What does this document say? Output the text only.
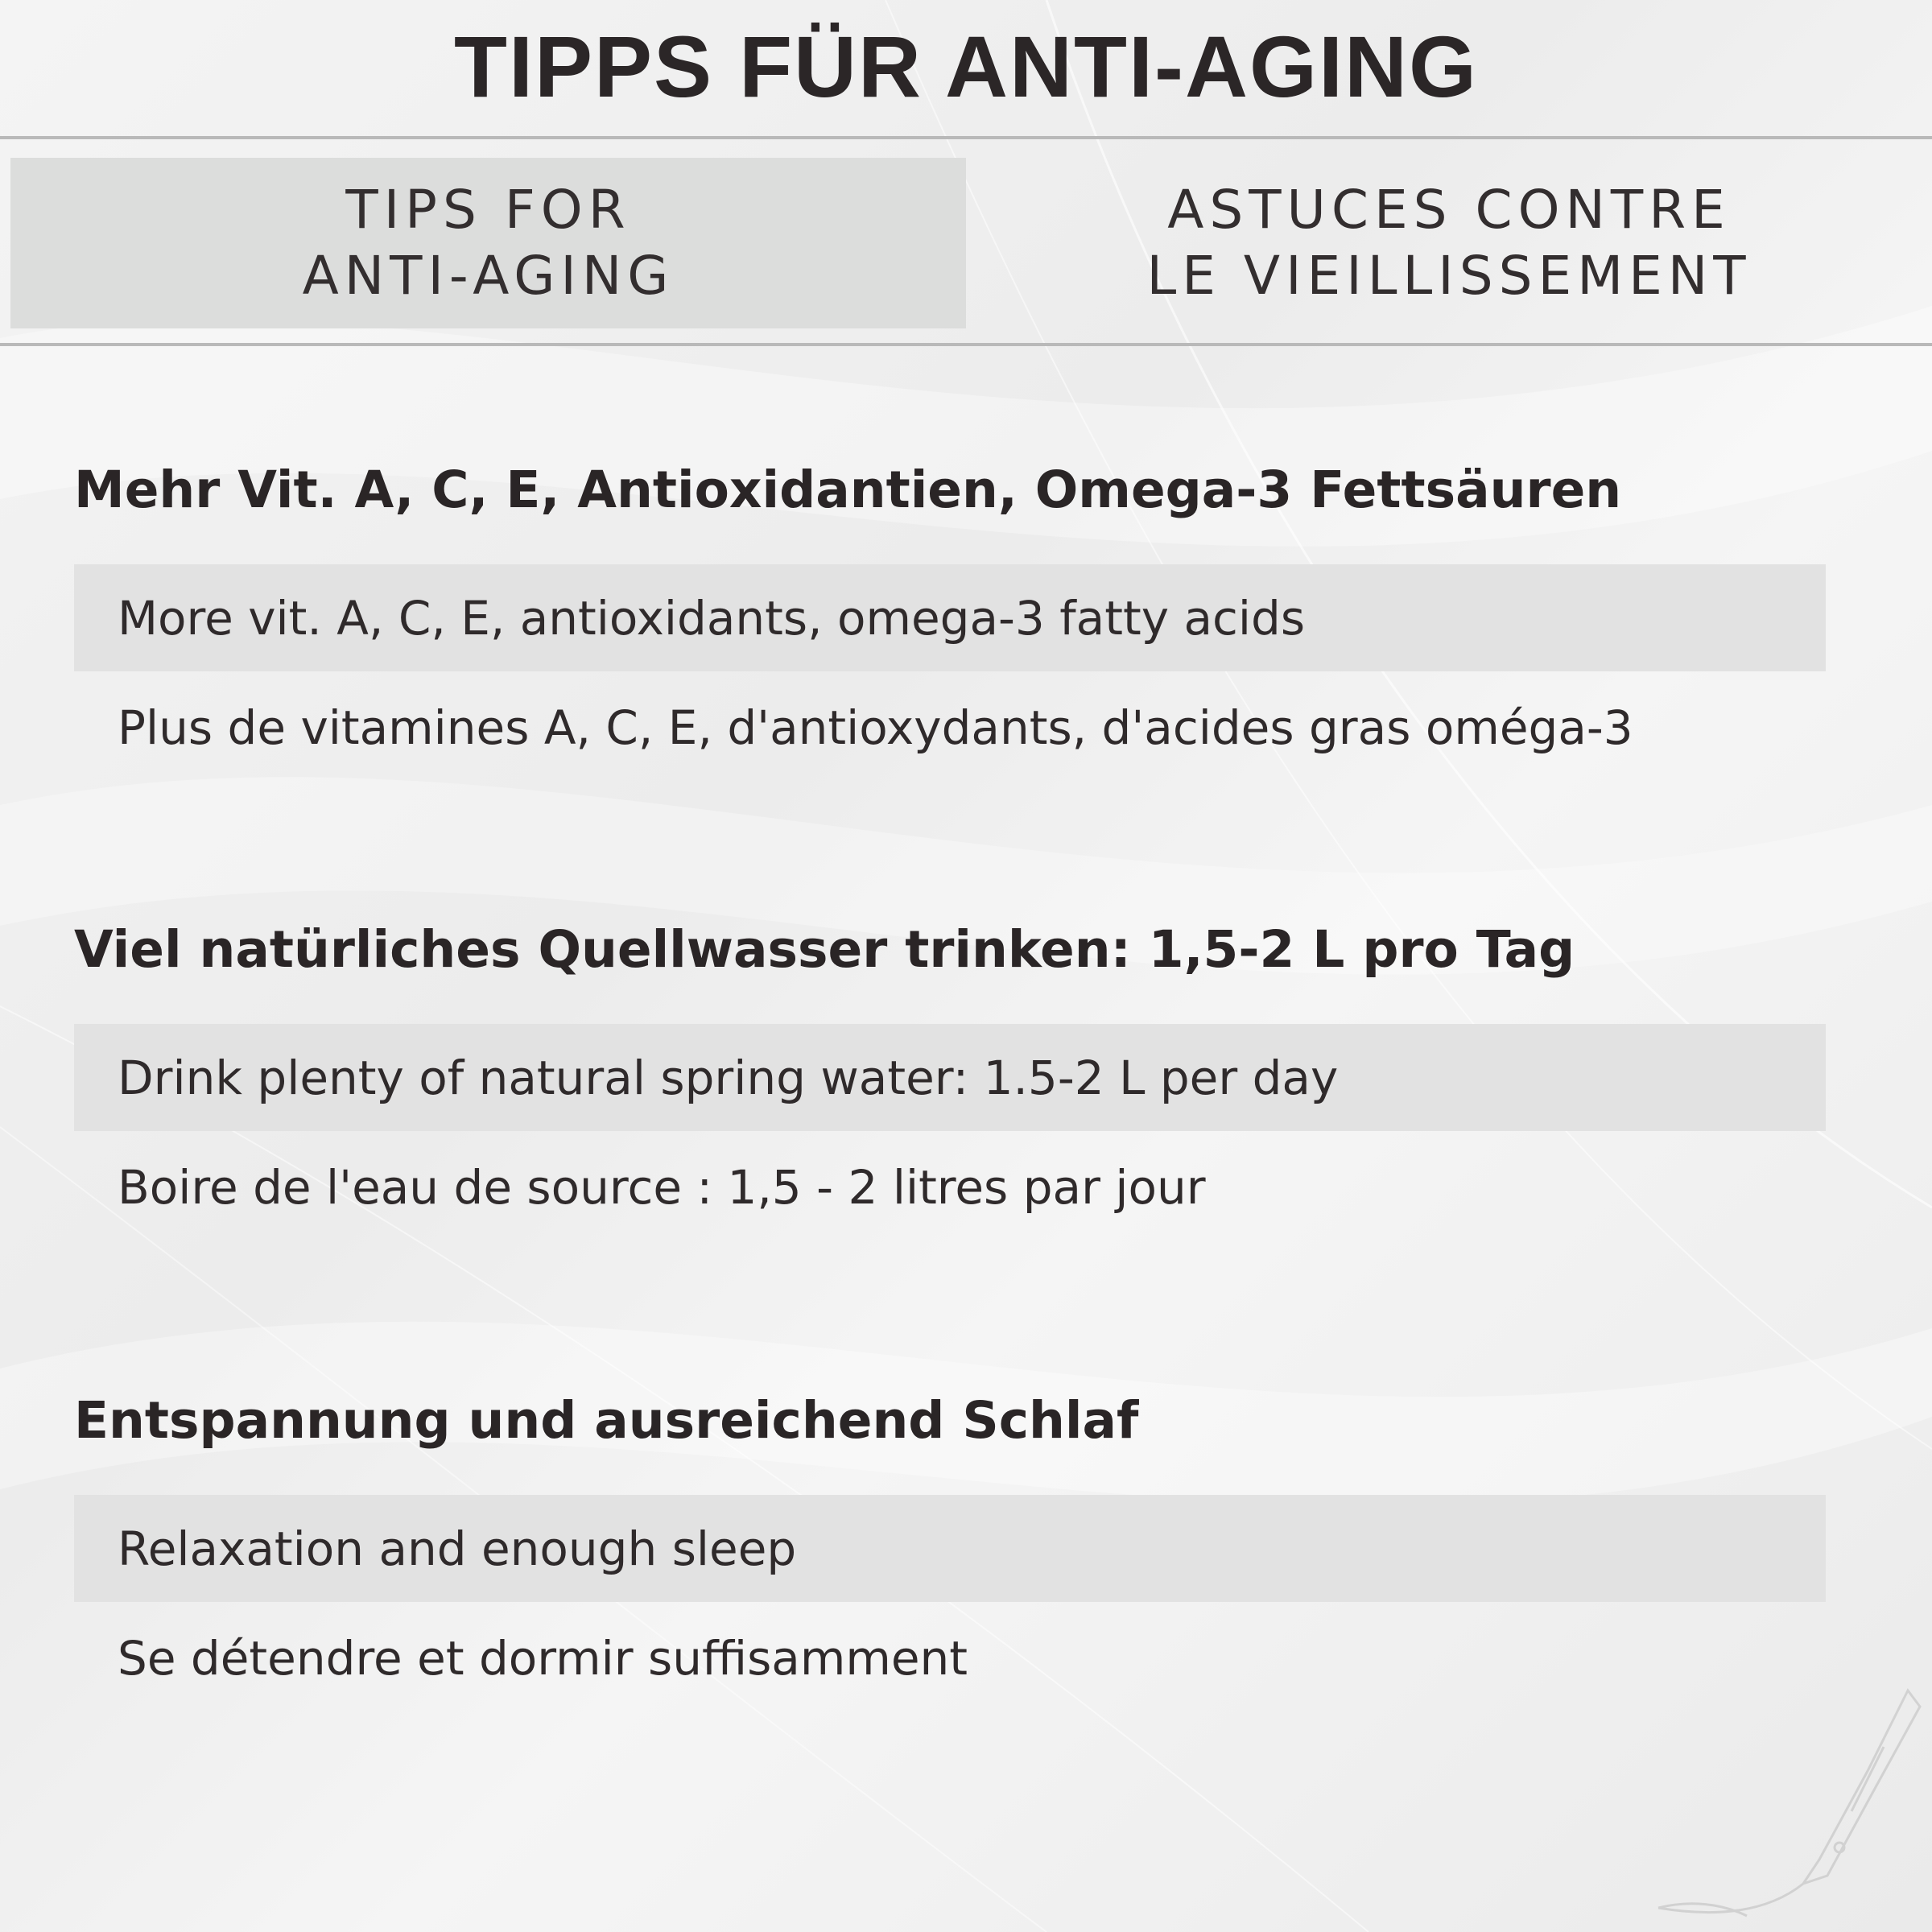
TIPPS FÜR ANTI-AGING
TIPS FOR
ANTI-AGING
ASTUCES CONTRE
LE VIEILLISSEMENT
Mehr Vit. A, C, E, Antioxidantien, Omega-3 Fettsäuren
More vit. A, C, E, antioxidants, omega-3 fatty acids
Plus de vitamines A, C, E, d'antioxydants, d'acides gras oméga-3
Viel natürliches Quellwasser trinken: 1,5-2 L pro Tag
Drink plenty of natural spring water: 1.5-2 L per day
Boire de l'eau de source : 1,5 - 2 litres par jour
Entspannung und ausreichend Schlaf
Relaxation and enough sleep
Se détendre et dormir suffisamment
